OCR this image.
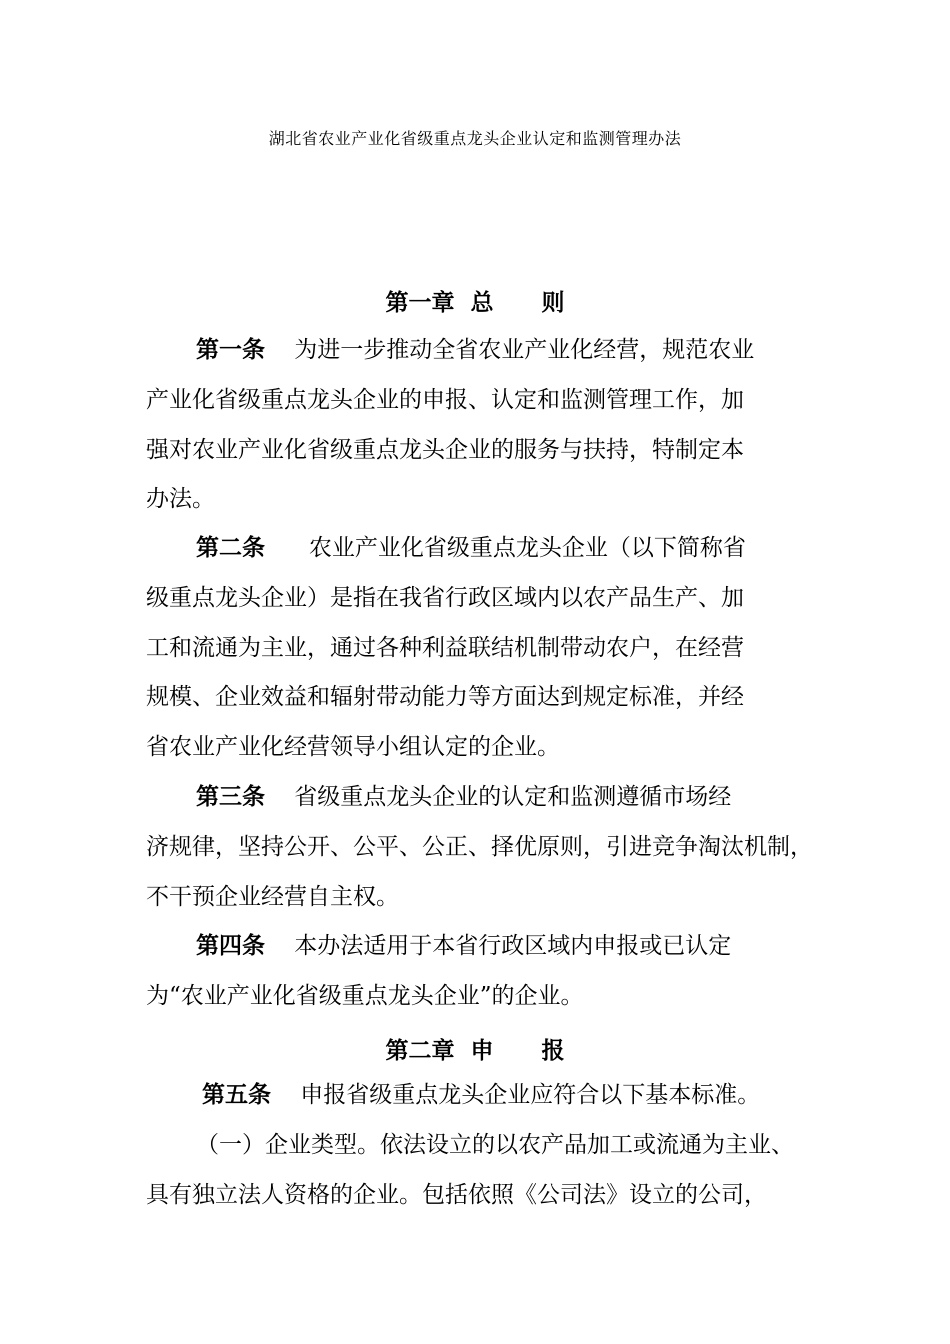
湖北省农业产业化省级重点龙头企业认定和监测管理办法
第一章  总      则
第一条    为进一步推动全省农业产业化经营，规范农业
产业化省级重点龙头企业的申报、认定和监测管理工作，加
强对农业产业化省级重点龙头企业的服务与扶持，特制定本
办法。
第二条      农业产业化省级重点龙头企业（以下简称省
级重点龙头企业）是指在我省行政区域内以农产品生产、加
工和流通为主业，通过各种利益联结机制带动农户，在经营
规模、企业效益和辐射带动能力等方面达到规定标准，并经
省农业产业化经营领导小组认定的企业。
第三条    省级重点龙头企业的认定和监测遵循市场经
济规律，坚持公开、公平、公正、择优原则，引进竞争淘汰机制，
不干预企业经营自主权。
第四条    本办法适用于本省行政区域内申报或已认定
为“农业产业化省级重点龙头企业”的企业。
第二章  申      报
第五条    申报省级重点龙头企业应符合以下基本标准。
（一）企业类型。依法设立的以农产品加工或流通为主业、
具有独立法人资格的企业。包括依照《公司法》设立的公司，
